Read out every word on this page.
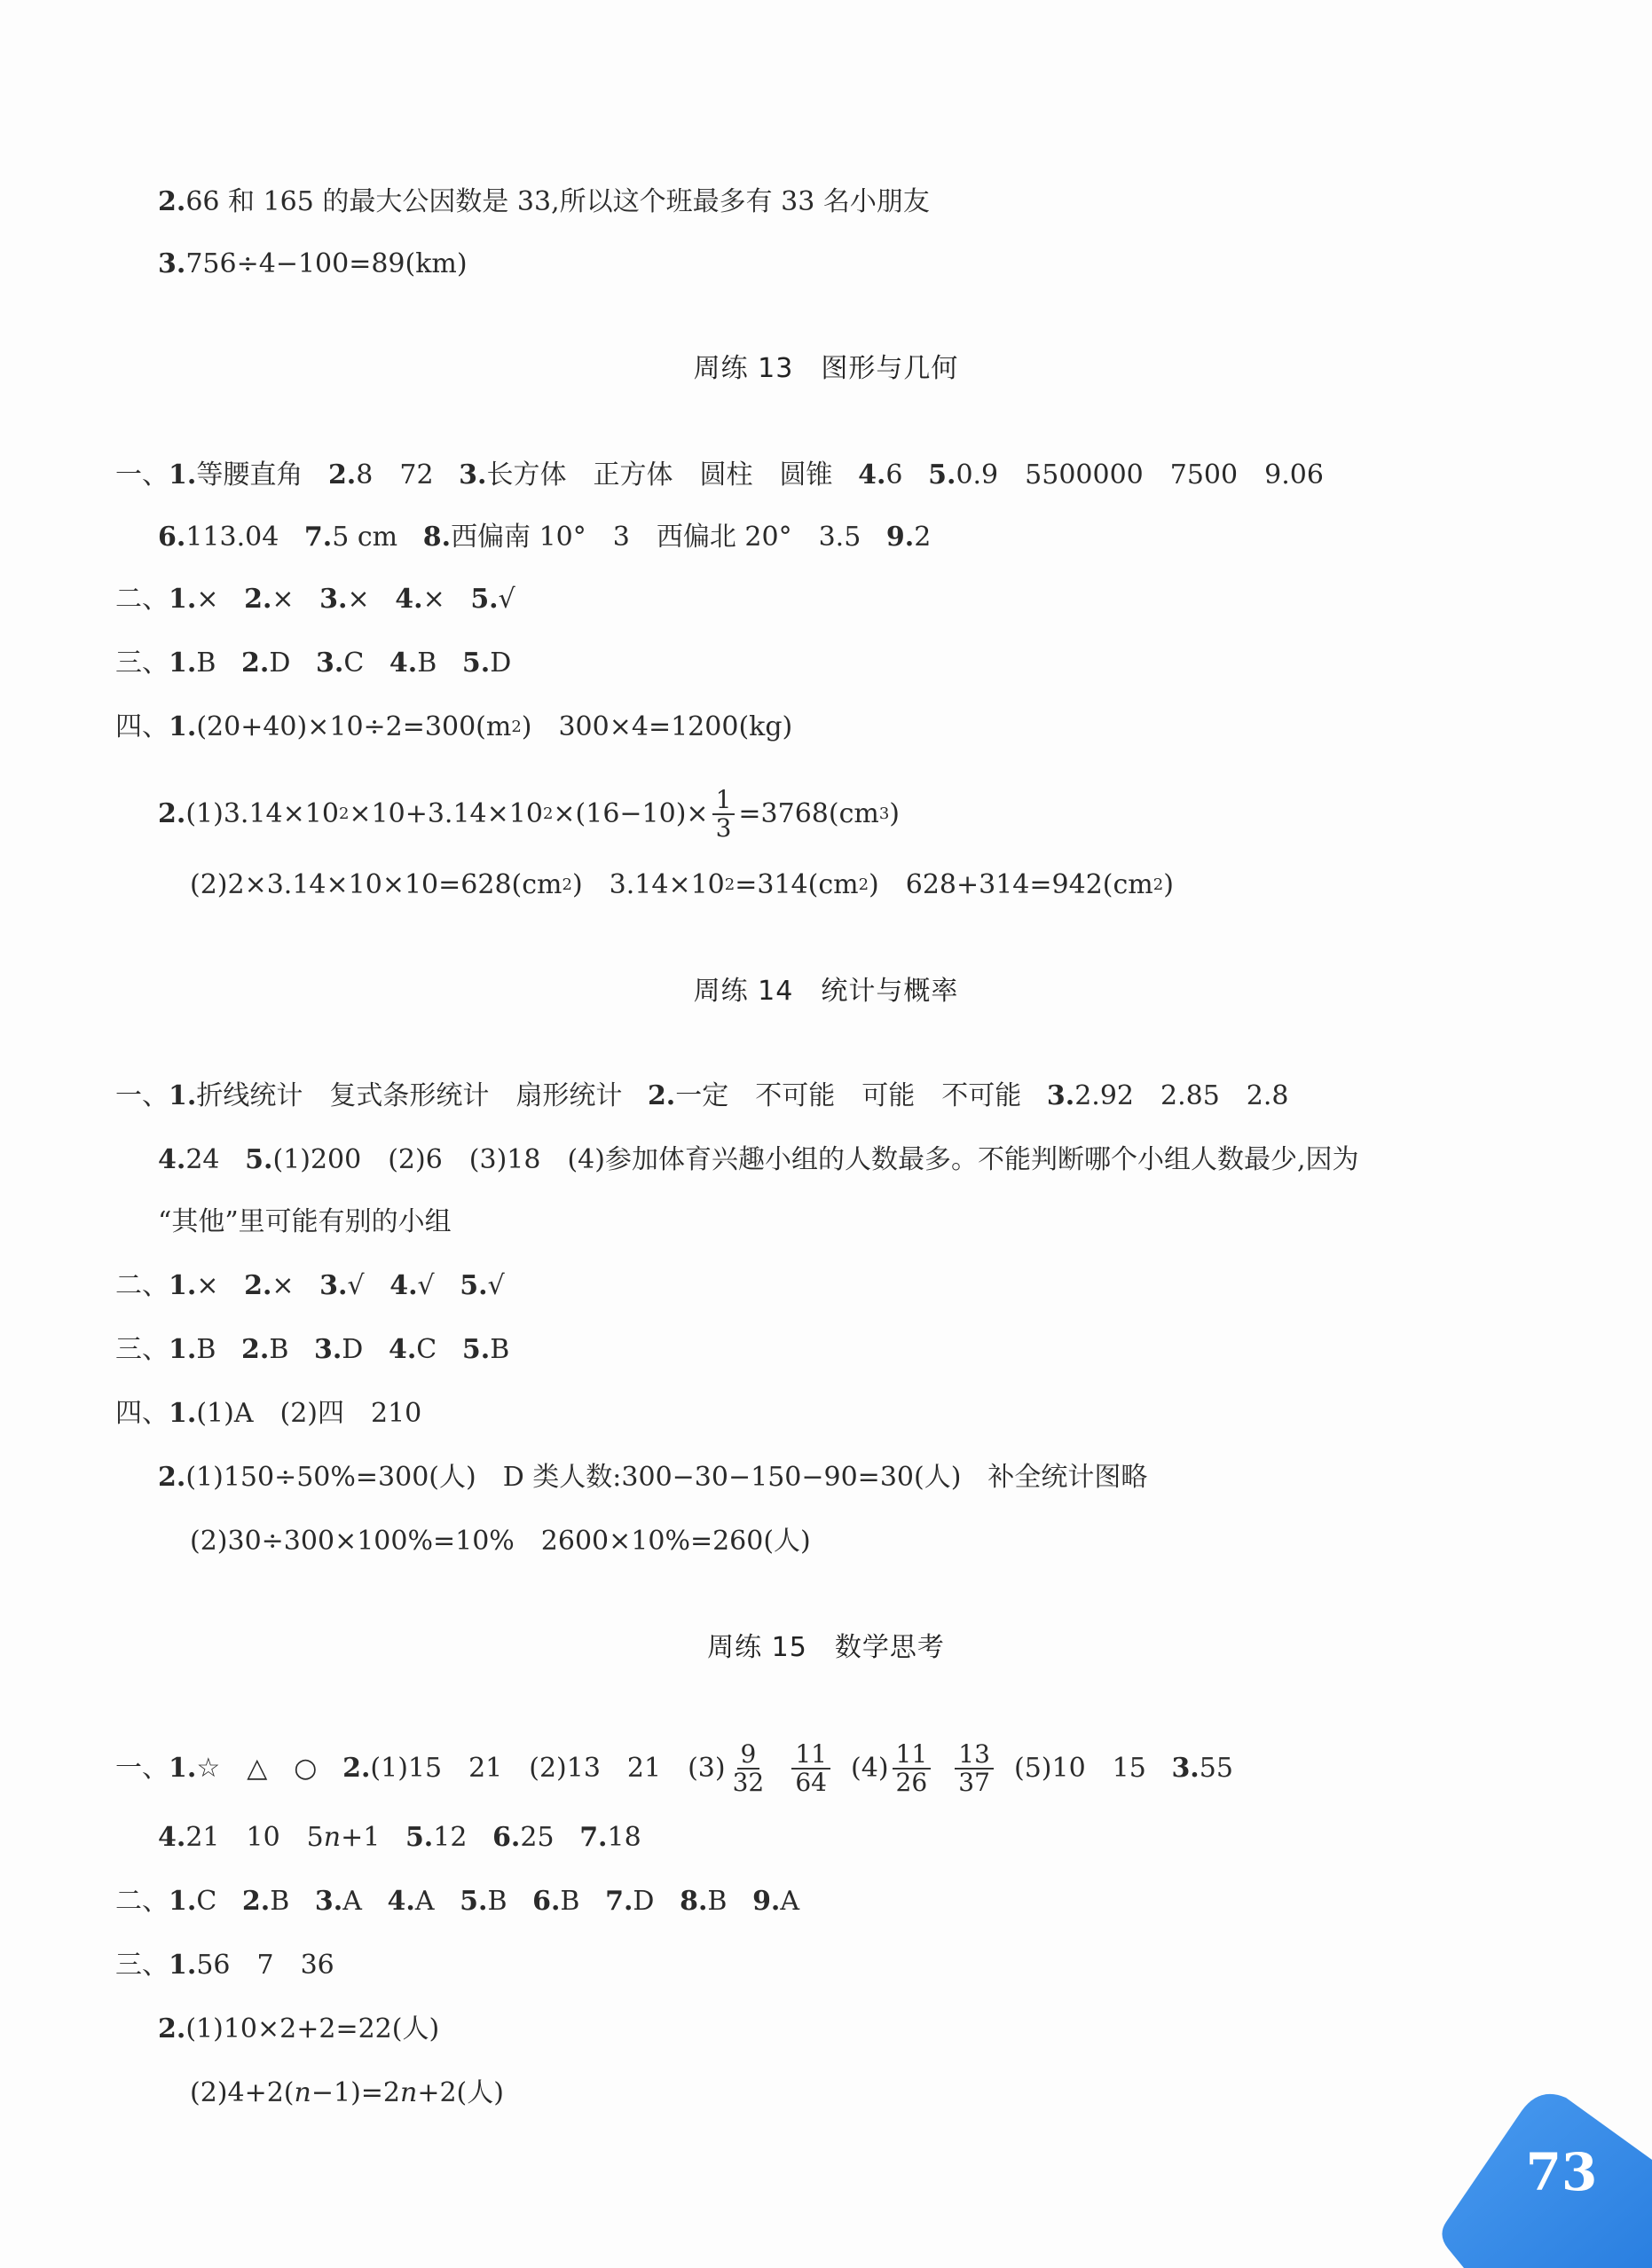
2. 66 和 165 的最大公因数是 33,所以这个班最多有 33 名小朋友
3. 756÷4−100=89(km)
周练 13　图形与几何
一、 1. 等腰直角
2. 8　72
3. 长方体　正方体　圆柱　圆锥
4. 6
5. 0.9　5500000　7500　9.06
6. 113.04
7. 5 cm
8. 西偏南 10°　3　西偏北 20°　3.5
9. 2
二、 1. ×
2. ×
3. ×
4. ×
5. √
三、 1. B
2. D
3. C
4. B
5. D
四、 1. (20+40)×10÷2=300(m 2 )　300×4=1200(kg)
2. (1)3.14×10 2 ×10+3.14×10 $2 \times(16-10)\times \frac{1}{3} =3768(cm$ 3 )
(2)2×3.14×10×10=628(cm 2 )　3.14×10 2 =314(cm 2 )　628+314=942(cm 2 )
周练 14　统计与概率
一、 1. 折线统计　复式条形统计　扇形统计
2. 一定　不可能　可能　不可能
3. 2.92　2.85　2.8
4. 24
5. (1)200　(2)6　(3)18　(4)参加体育兴趣小组的人数最多。不能判断哪个小组人数最少,因为
“其他”里可能有别的小组
二、 1. ×
2. ×
3. √
4. √
5. √
三、 1. B
2. B
3. D
4. C
5. B
四、 1. (1)A　(2)四　210
2. (1)150÷50%=300(人)　D 类人数:300−30−150−90=30(人)　补全统计图略
(2)30÷300×100%=10%　2600×10%=260(人)
周练 15　数学思考
一、 1. ☆　△　○
2. (1)15　21　(2)13　21　$(3) \frac{9}{32}$
$\frac{11}{64}$
$(4) \frac{11}{26}$
$\frac{13}{37}$
(5)10　15
3. 55
4. 21　10　5 n +1
5. 12
6. 25
7. 18
二、 1. C
2. B
3. A
4. A
5. B
6. B
7. D
8. B
9. A
三、 1. 56　7　36
2. (1)10×2+2=22(人)
(2)4+2( n −1)=2 n +2(人)
73
